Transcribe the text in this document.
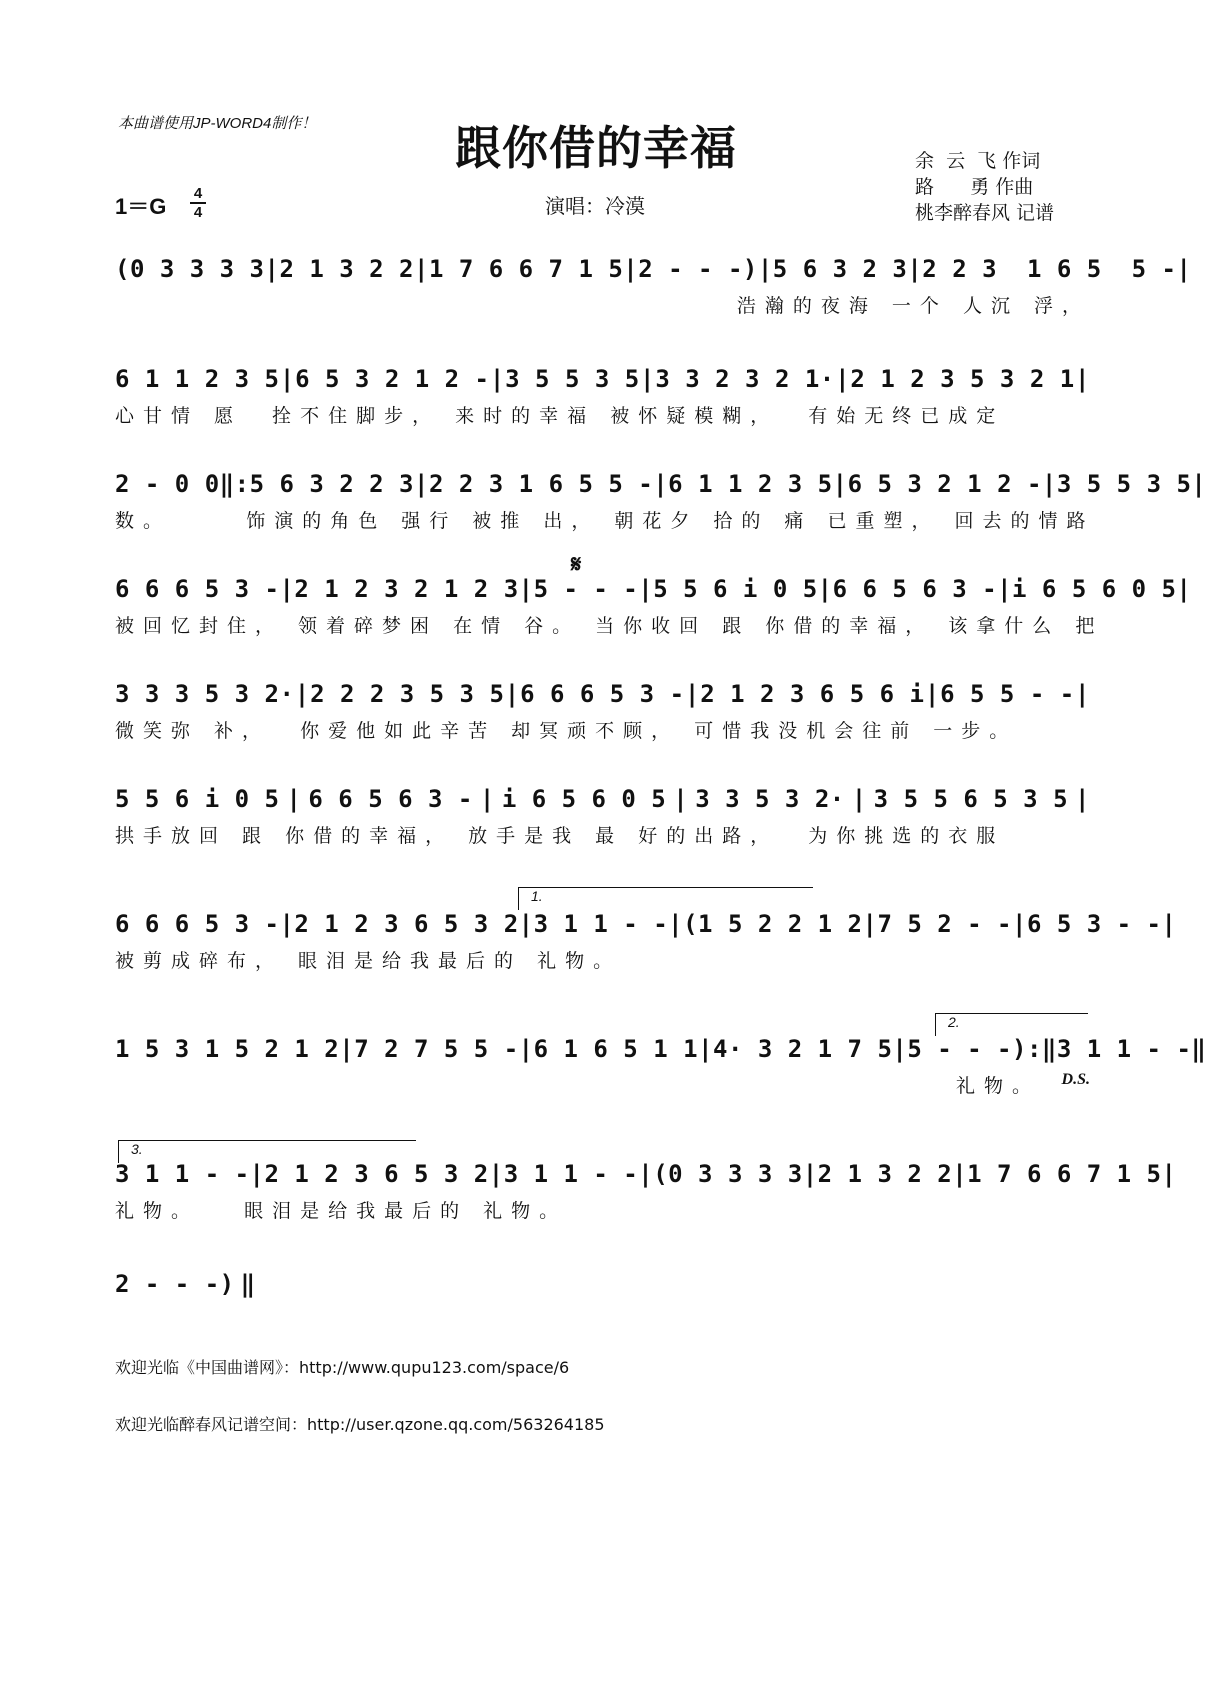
本曲谱使用JP-WORD4制作！	跟你借的幸福	余  云  飞 作词
路      勇 作曲
桃李醉春风 记谱
1＝G
4
4	演唱：冷漠
𝄋
(0 3 3 3 3 | 2 1 3 2 2 | 1 7 6 6 7 1 5 | 2 - - -) | 5 6 3 2 3 | 2 2 3  1 6 5  5 - |
浩瀚的夜海 一个 人沉 浮，
6 1 1 2 3 5 | 6 5 3 2 1 2 - | 3 5 5 3 5 | 3 3 2 3 2 1· | 2 1 2 3 5 3 2 1 |
心甘情 愿  拴不住脚步， 来时的幸福 被怀疑模糊，  有始无终已成定
2 - 0 0 ‖: 5 6 3 2 2 3 | 2 2 3 1 6 5 5 - | 6 1 1 2 3 5 | 6 5 3 2 1 2 - | 3 5 5 3 5 |
数。     饰演的角色 强行 被推 出， 朝花夕 拾的 痛 已重塑， 回去的情路
6 6 6 5 3 - | 2 1 2 3 2 1 2 3 | 5 - - - | 5 5 6 i 0 5 | 6 6 5 6 3 - | i 6 5 6 0 5 |
被回忆封住， 领着碎梦困 在情 谷。 当你收回 跟 你借的幸福， 该拿什么 把
3 3 3 5 3 2· | 2 2 2 3 5 3 5 | 6 6 6 5 3 - | 2 1 2 3 6 5 6 i | 6 5 5 - - |
微笑弥 补，  你爱他如此辛苦 却冥顽不顾， 可惜我没机会往前 一步。
5 5 6 i 0 5 | 6 6 5 6 3 - | i 6 5 6 0 5 | 3 3 5 3 2· | 3 5 5 6 5 3 5 |
拱手放回 跟 你借的幸福， 放手是我 最 好的出路，  为你挑选的衣服
6 6 6 5 3 - | 2 1 2 3 6 5 3 2 | 3 1 1 - - | (1 5 2 2 1 2 | 7 5 2 - - | 6 5 3 - - |
被剪成碎布， 眼泪是给我最后的 礼物。
1 5 3 1 5 2 1 2 | 7 2 7 5 5 - | 6 1 6 5 1 1 | 4· 3 2 1 7 5 | 5 - - -): ‖ 3 1 1 - - ‖
礼物。 D.S.
3 1 1 - - | 2 1 2 3 6 5 3 2 | 3 1 1 - - | (0 3 3 3 3 | 2 1 3 2 2 | 1 7 6 6 7 1 5 |
礼物。   眼泪是给我最后的 礼物。
2 - - -) ‖
欢迎光临《中国曲谱网》：http://www.qupu123.com/space/6
欢迎光临醉春风记谱空间：http://user.qzone.qq.com/563264185
1.
2.
3.
